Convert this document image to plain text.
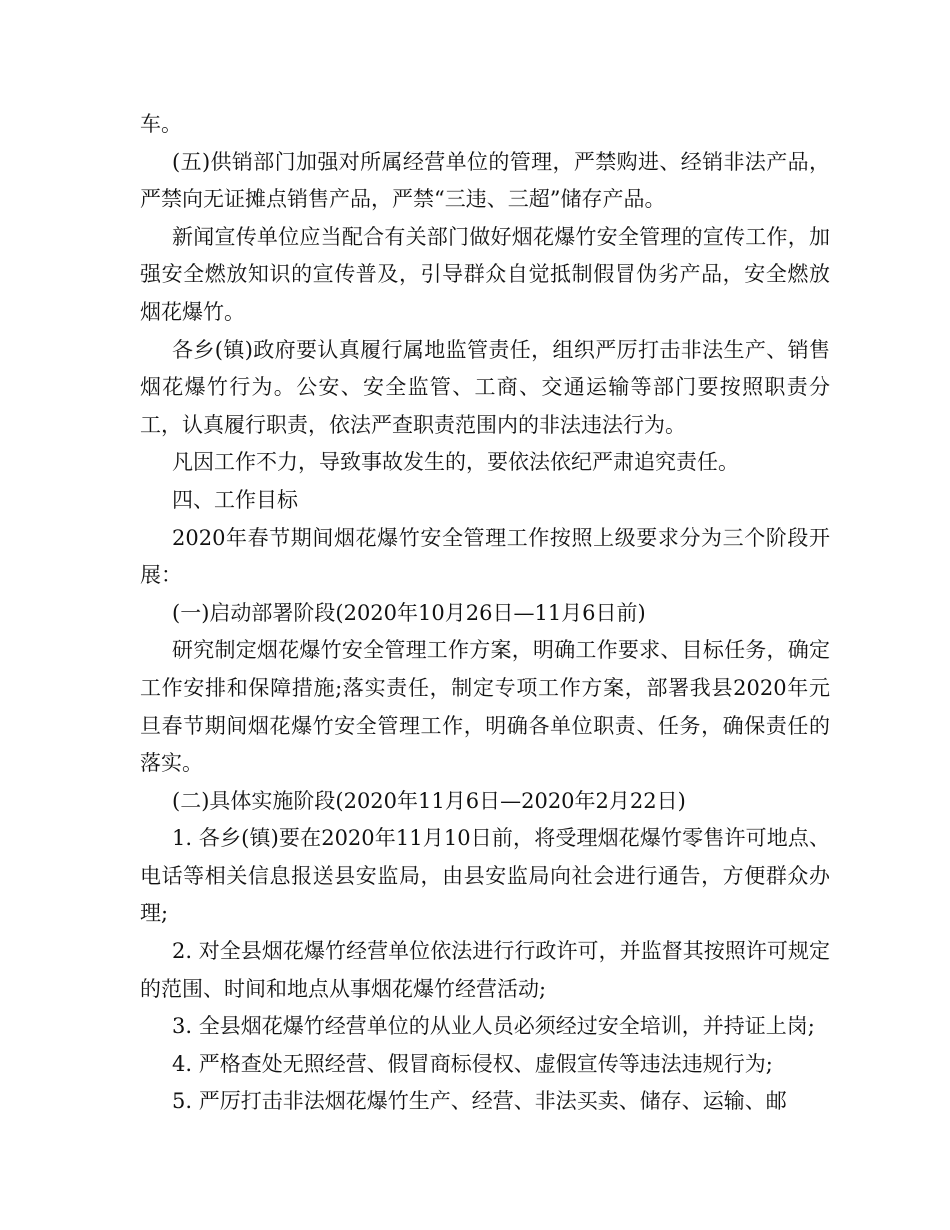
车。

(五)供销部门加强对所属经营单位的管理，严禁购进、经销非法产品，严禁向无证摊点销售产品，严禁“三违、三超”储存产品。

新闻宣传单位应当配合有关部门做好烟花爆竹安全管理的宣传工作，加强安全燃放知识的宣传普及，引导群众自觉抵制假冒伪劣产品，安全燃放烟花爆竹。

各乡(镇)政府要认真履行属地监管责任，组织严厉打击非法生产、销售烟花爆竹行为。公安、安全监管、工商、交通运输等部门要按照职责分工，认真履行职责，依法严查职责范围内的非法违法行为。

凡因工作不力，导致事故发生的，要依法依纪严肃追究责任。

四、工作目标

2020年春节期间烟花爆竹安全管理工作按照上级要求分为三个阶段开展：

(一)启动部署阶段(2020年10月26日—11月6日前)

研究制定烟花爆竹安全管理工作方案，明确工作要求、目标任务，确定工作安排和保障措施;落实责任，制定专项工作方案，部署我县2020年元旦春节期间烟花爆竹安全管理工作，明确各单位职责、任务，确保责任的落实。

(二)具体实施阶段(2020年11月6日—2020年2月22日)

1. 各乡(镇)要在2020年11月10日前，将受理烟花爆竹零售许可地点、电话等相关信息报送县安监局，由县安监局向社会进行通告，方便群众办理;

2. 对全县烟花爆竹经营单位依法进行行政许可，并监督其按照许可规定的范围、时间和地点从事烟花爆竹经营活动;

3. 全县烟花爆竹经营单位的从业人员必须经过安全培训，并持证上岗;

4. 严格查处无照经营、假冒商标侵权、虚假宣传等违法违规行为;

5. 严厉打击非法烟花爆竹生产、经营、非法买卖、储存、运输、邮
